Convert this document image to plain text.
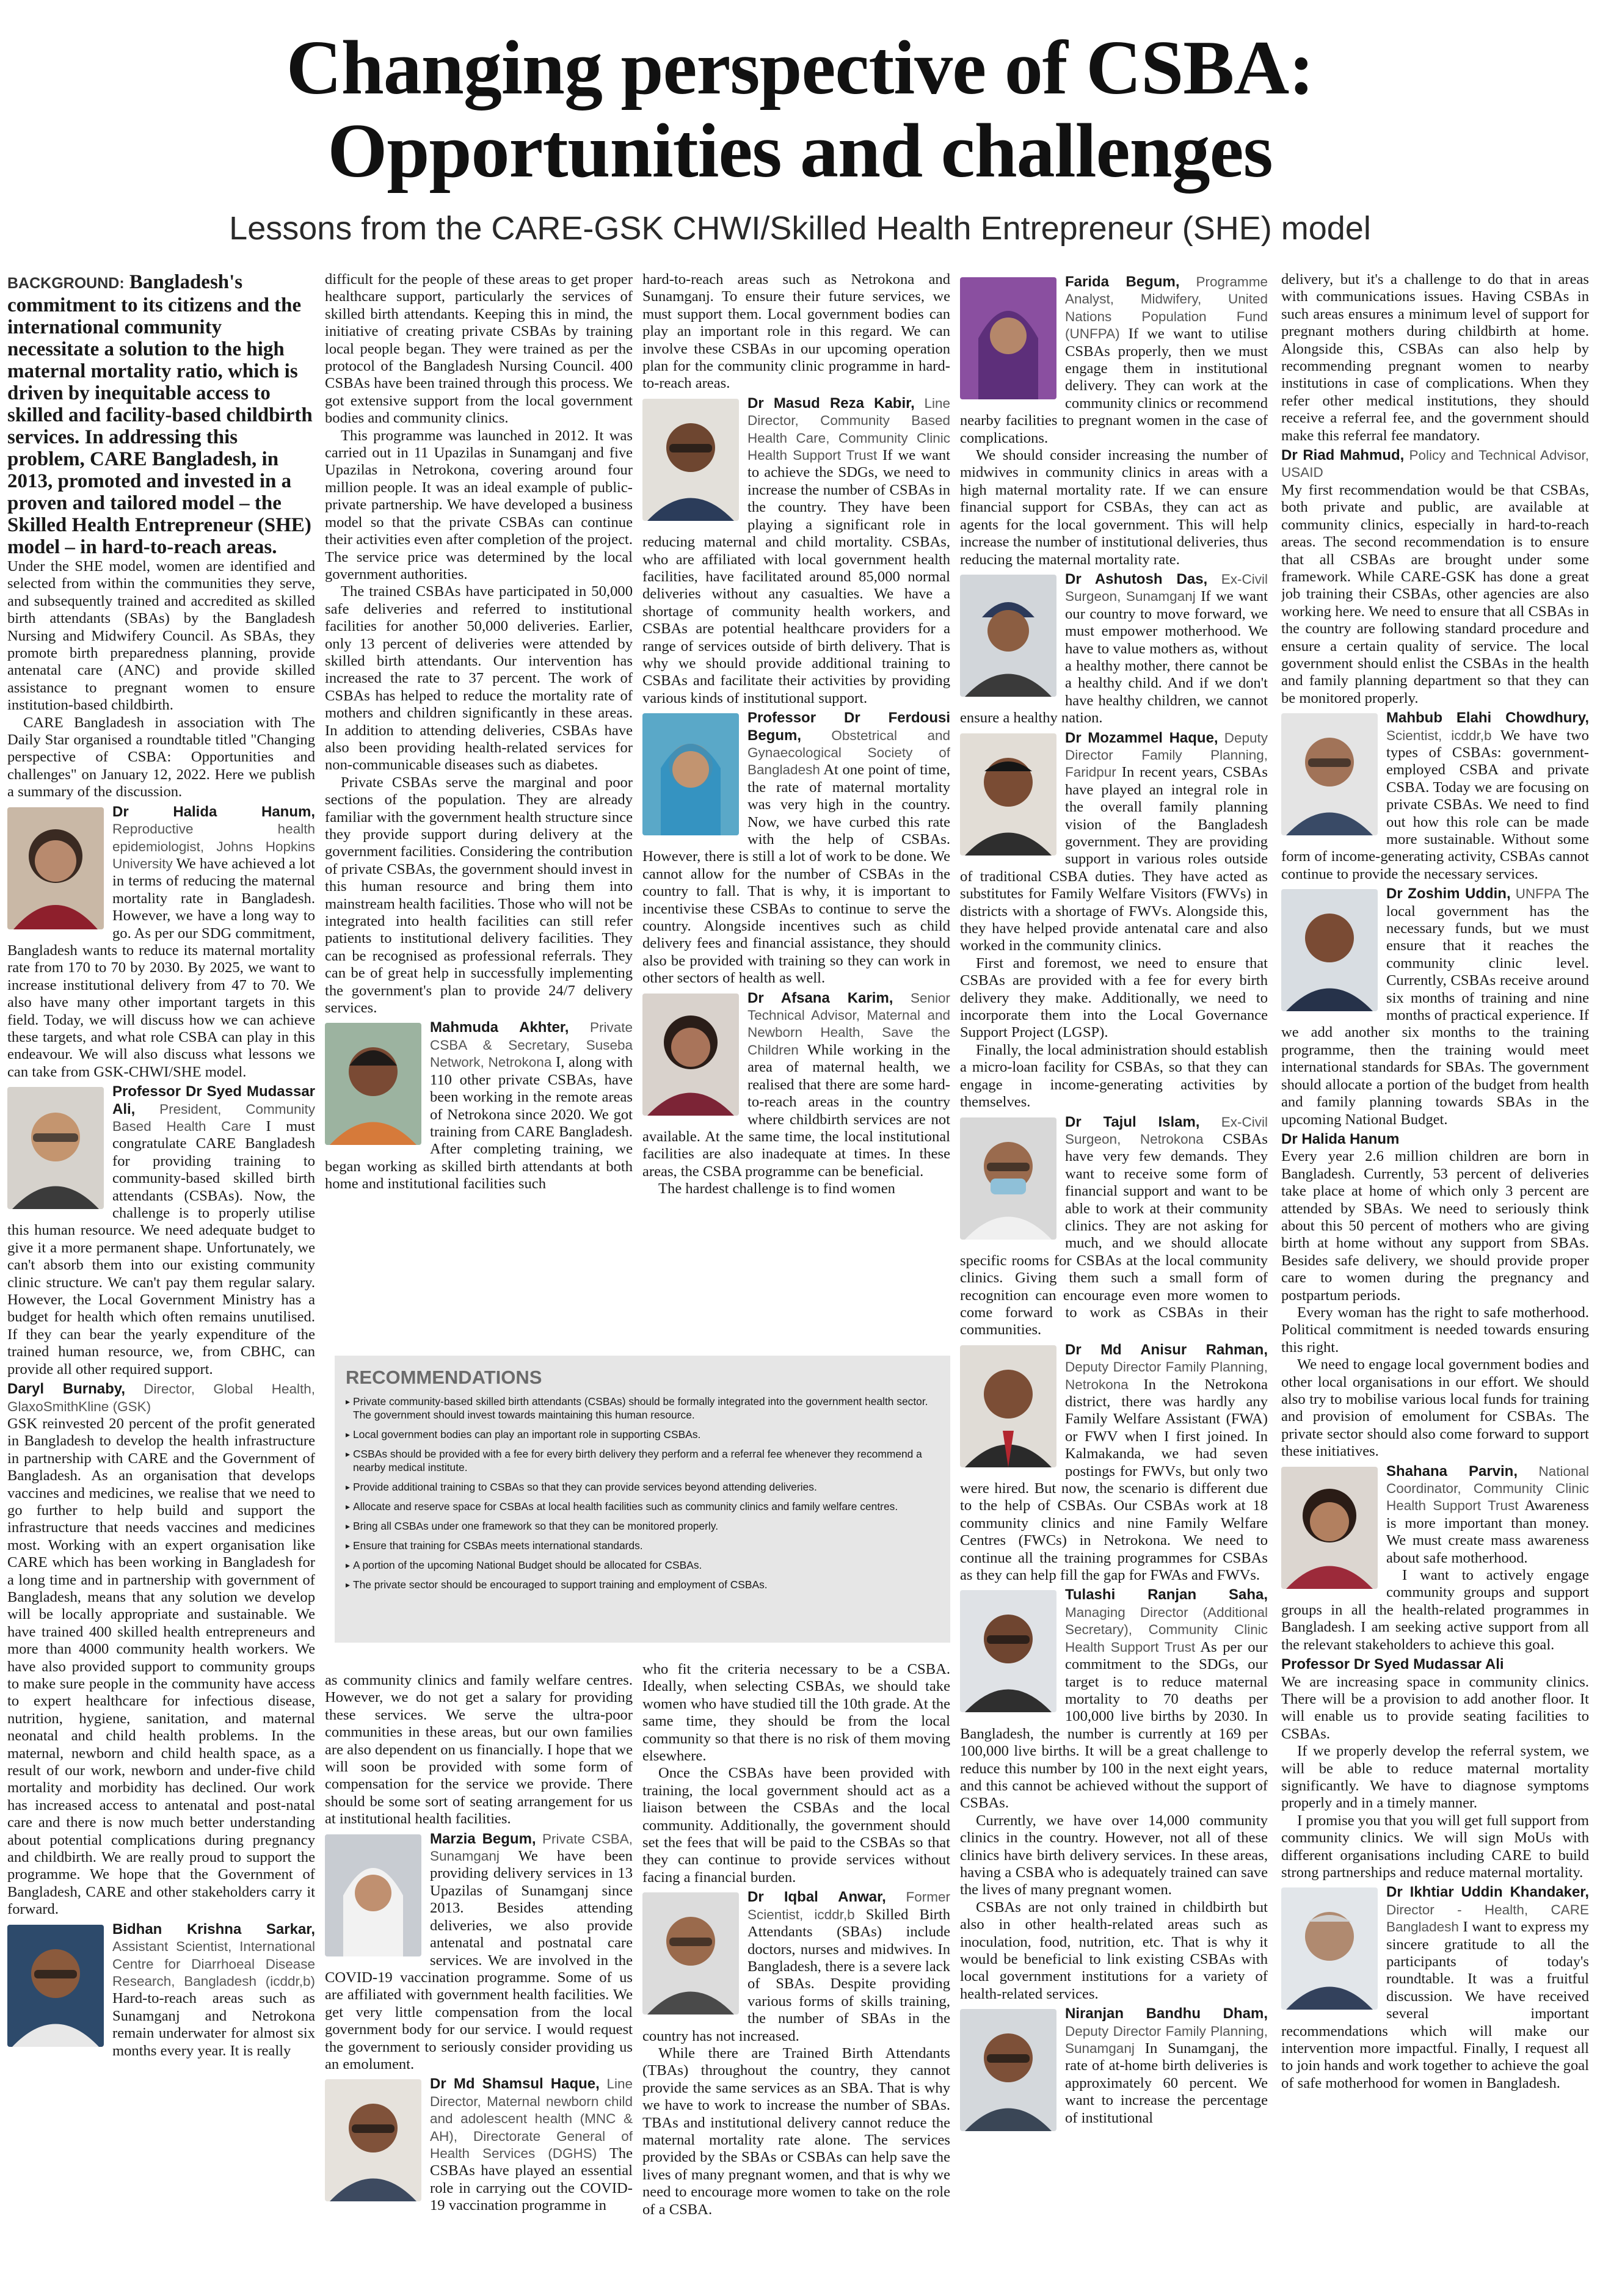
Changing perspective of CSBA:
Opportunities and challenges
Lessons from the CARE-GSK CHWI/Skilled Health Entrepreneur (SHE) model
BACKGROUND: Bangladesh's commitment to its citizens and the international community necessitate a solution to the high maternal mortality ratio, which is driven by inequitable access to skilled and facility-based childbirth services. In addressing this problem, CARE Bangladesh, in 2013, promoted and invested in a proven and tailored model – the Skilled Health Entrepreneur (SHE) model – in hard-to-reach areas.

Under the SHE model, women are identified and selected from within the communities they serve, and subsequently trained and accredited as skilled birth attendants (SBAs) by the Bangladesh Nursing and Midwifery Council. As SBAs, they promote birth preparedness planning, provide antenatal care (ANC) and provide skilled assistance to pregnant women to ensure institution-based childbirth.

CARE Bangladesh in association with The Daily Star organised a roundtable titled "Changing perspective of CSBA: Opportunities and challenges" on January 12, 2022. Here we publish a summary of the discussion.

Dr Halida Hanum, Reproductive health epidemiologist, Johns Hopkins University We have achieved a lot in terms of reducing the maternal mortality rate in Bangladesh. However, we have a long way to go. As per our SDG commitment, Bangladesh wants to reduce its maternal mortality rate from 170 to 70 by 2030. By 2025, we want to increase institutional delivery from 47 to 70. We also have many other important targets in this field. Today, we will discuss how we can achieve these targets, and what role CSBA can play in this endeavour. We will also discuss what lessons we can take from GSK-CHWI/SHE model.
Professor Dr Syed Mudassar Ali, President, Community Based Health Care I must congratulate CARE Bangladesh for providing training to community-based skilled birth attendants (CSBAs). Now, the challenge is to properly utilise this human resource. We need adequate budget to give it a more permanent shape. Unfortunately, we can't absorb them into our existing community clinic structure. We can't pay them regular salary. However, the Local Government Ministry has a budget for health which often remains unutilised. If they can bear the yearly expenditure of the trained human resource, we, from CBHC, can provide all other required support.
Daryl Burnaby, Director, Global Health, GlaxoSmithKline (GSK)
GSK reinvested 20 percent of the profit generated in Bangladesh to develop the health infrastructure in partnership with CARE and the Government of Bangladesh. As an organisation that develops vaccines and medicines, we realise that we need to go further to help build and support the infrastructure that needs vaccines and medicines most. Working with an expert organisation like CARE which has been working in Bangladesh for a long time and in partnership with government of Bangladesh, means that any solution we develop will be locally appropriate and sustainable. We have trained 400 skilled health entrepreneurs and more than 4000 community health workers. We have also provided support to community groups to make sure people in the community have access to expert healthcare for infectious disease, nutrition, hygiene, sanitation, and maternal neonatal and child health problems. In the maternal, newborn and child health space, as a result of our work, newborn and under-five child mortality and morbidity has declined. Our work has increased access to antenatal and post-natal care and there is now much better understanding about potential complications during pregnancy and childbirth. We are really proud to support the programme. We hope that the Government of Bangladesh, CARE and other stakeholders carry it forward.
Bidhan Krishna Sarkar, Assistant Scientist, International Centre for Diarrhoeal Disease Research, Bangladesh (icddr,b) Hard-to-reach areas such as Sunamganj and Netrokona remain underwater for almost six months every year. It is really

difficult for the people of these areas to get proper healthcare support, particularly the services of skilled birth attendants. Keeping this in mind, the initiative of creating private CSBAs by training local people began. They were trained as per the protocol of the Bangladesh Nursing Council. 400 CSBAs have been trained through this process. We got extensive support from the local government bodies and community clinics.

This programme was launched in 2012. It was carried out in 11 Upazilas in Sunamganj and five Upazilas in Netrokona, covering around four million people. It was an ideal example of public-private partnership. We have developed a business model so that the private CSBAs can continue their activities even after completion of the project. The service price was determined by the local government authorities.

The trained CSBAs have participated in 50,000 safe deliveries and referred to institutional facilities for another 50,000 deliveries. Earlier, only 13 percent of deliveries were attended by skilled birth attendants. Our intervention has increased the rate to 37 percent. The work of CSBAs has helped to reduce the mortality rate of mothers and children significantly in these areas. In addition to attending deliveries, CSBAs have also been providing health-related services for non-communicable diseases such as diabetes.

Private CSBAs serve the marginal and poor sections of the population. They are already familiar with the government health structure since they provide support during delivery at the government facilities. Considering the contribution of private CSBAs, the government should invest in this human resource and bring them into mainstream health facilities. Those who will not be integrated into health facilities can still refer patients to institutional delivery facilities. They can be recognised as professional referrals. They can be of great help in successfully implementing the government's plan to provide 24/7 delivery services.

Mahmuda Akhter, Private CSBA & Secretary, Suseba Network, Netrokona I, along with 110 other private CSBAs, have been working in the remote areas of Netrokona since 2020. We got training from CARE Bangladesh. After completing training, we began working as skilled birth attendants at both home and institutional facilities such

hard-to-reach areas such as Netrokona and Sunamganj. To ensure their future services, we must support them. Local government bodies can play an important role in this regard. We can involve these CSBAs in our upcoming operation plan for the community clinic programme in hard-to-reach areas.

Dr Masud Reza Kabir, Line Director, Community Based Health Care, Community Clinic Health Support Trust If we want to achieve the SDGs, we need to increase the number of CSBAs in the country. They have been playing a significant role in reducing maternal and child mortality. CSBAs, who are affiliated with local government health facilities, have facilitated around 85,000 normal deliveries without any casualties. We have a shortage of community health workers, and CSBAs are potential healthcare providers for a range of services outside of birth delivery. That is why we should provide additional training to CSBAs and facilitate their activities by providing various kinds of institutional support.
Professor Dr Ferdousi Begum, Obstetrical and Gynaecological Society of Bangladesh At one point of time, the rate of maternal mortality was very high in the country. Now, we have curbed this rate with the help of CSBAs. However, there is still a lot of work to be done. We cannot allow for the number of CSBAs in the country to fall. That is why, it is important to incentivise these CSBAs to continue to serve the country. Alongside incentives such as child delivery fees and financial assistance, they should also be provided with training so they can work in other sectors of health as well.
Dr Afsana Karim, Senior Technical Advisor, Maternal and Newborn Health, Save the Children While working in the area of maternal health, we realised that there are some hard-to-reach areas in the country where childbirth services are not available. At the same time, the local institutional facilities are also inadequate at times. In these areas, the CSBA programme can be beneficial.

The hardest challenge is to find women

RECOMMENDATIONS
▸ Private community-based skilled birth attendants (CSBAs) should be formally integrated into the government health sector. The government should invest towards maintaining this human resource.
▸ Local government bodies can play an important role in supporting CSBAs.
▸ CSBAs should be provided with a fee for every birth delivery they perform and a referral fee whenever they recommend a nearby medical institute.
▸ Provide additional training to CSBAs so that they can provide services beyond attending deliveries.
▸ Allocate and reserve space for CSBAs at local health facilities such as community clinics and family welfare centres.
▸ Bring all CSBAs under one framework so that they can be monitored properly.
▸ Ensure that training for CSBAs meets international standards.
▸ A portion of the upcoming National Budget should be allocated for CSBAs.
▸ The private sector should be encouraged to support training and employment of CSBAs.

as community clinics and family welfare centres. However, we do not get a salary for providing these services. We serve the ultra-poor communities in these areas, but our own families are also dependent on us financially. I hope that we will soon be provided with some form of compensation for the service we provide. There should be some sort of seating arrangement for us at institutional health facilities.

Marzia Begum, Private CSBA, Sunamganj We have been providing delivery services in 13 Upazilas of Sunamganj since 2013. Besides attending deliveries, we also provide antenatal and postnatal care services. We are involved in the COVID-19 vaccination programme. Some of us are affiliated with government health facilities. We get very little compensation from the local government body for our service. I would request the government to seriously consider providing us an emolument.
Dr Md Shamsul Haque, Line Director, Maternal newborn child and adolescent health (MNC & AH), Directorate General of Health Services (DGHS) The CSBAs have played an essential role in carrying out the COVID-19 vaccination programme in

who fit the criteria necessary to be a CSBA. Ideally, when selecting CSBAs, we should take women who have studied till the 10th grade. At the same time, they should be from the local community so that there is no risk of them moving elsewhere.

Once the CSBAs have been provided with training, the local government should act as a liaison between the CSBAs and the local community. Additionally, the government should set the fees that will be paid to the CSBAs so that they can continue to provide services without facing a financial burden.

Dr Iqbal Anwar, Former Scientist, icddr,b Skilled Birth Attendants (SBAs) include doctors, nurses and midwives. In Bangladesh, there is a severe lack of SBAs. Despite providing various forms of skills training, the number of SBAs in the country has not increased.

While there are Trained Birth Attendants (TBAs) throughout the country, they cannot provide the same services as an SBA. That is why we have to work to increase the number of SBAs. TBAs and institutional delivery cannot reduce the maternal mortality rate alone. The services provided by the SBAs or CSBAs can help save the lives of many pregnant women, and that is why we need to encourage more women to take on the role of a CSBA.

Farida Begum, Programme Analyst, Midwifery, United Nations Population Fund (UNFPA) If we want to utilise CSBAs properly, then we must engage them in institutional delivery. They can work at the community clinics or recommend nearby facilities to pregnant women in the case of complications.

We should consider increasing the number of midwives in community clinics in areas with a high maternal mortality rate. If we can ensure financial support for CSBAs, they can act as agents for the local government. This will help increase the number of institutional deliveries, thus reducing the maternal mortality rate.

Dr Ashutosh Das, Ex-Civil Surgeon, Sunamganj If we want our country to move forward, we must empower motherhood. We have to value mothers as, without a healthy mother, there cannot be a healthy child. And if we don't have healthy children, we cannot ensure a healthy nation.
Dr Mozammel Haque, Deputy Director Family Planning, Faridpur In recent years, CSBAs have played an integral role in the overall family planning vision of the Bangladesh government. They are providing support in various roles outside of traditional CSBA duties. They have acted as substitutes for Family Welfare Visitors (FWVs) in districts with a shortage of FWVs. Alongside this, they have helped provide antenatal care and also worked in the community clinics.

First and foremost, we need to ensure that CSBAs are provided with a fee for every birth delivery they make. Additionally, we need to incorporate them into the Local Governance Support Project (LGSP).

Finally, the local administration should establish a micro-loan facility for CSBAs, so that they can engage in income-generating activities by themselves.

Dr Tajul Islam, Ex-Civil Surgeon, Netrokona CSBAs have very few demands. They want to receive some form of financial support and want to be able to work at their community clinics. They are not asking for much, and we should allocate specific rooms for CSBAs at the local community clinics. Giving them such a small form of recognition can encourage even more women to come forward to work as CSBAs in their communities.
Dr Md Anisur Rahman, Deputy Director Family Planning, Netrokona In the Netrokona district, there was hardly any Family Welfare Assistant (FWA) or FWV when I first joined. In Kalmakanda, we had seven postings for FWVs, but only two were hired. But now, the scenario is different due to the help of CSBAs. Our CSBAs work at 18 community clinics and nine Family Welfare Centres (FWCs) in Netrokona. We need to continue all the training programmes for CSBAs as they can help fill the gap for FWAs and FWVs.
Tulashi Ranjan Saha, Managing Director (Additional Secretary), Community Clinic Health Support Trust As per our commitment to the SDGs, our target is to reduce maternal mortality to 70 deaths per 100,000 live births by 2030. In Bangladesh, the number is currently at 169 per 100,000 live births. It will be a great challenge to reduce this number by 100 in the next eight years, and this cannot be achieved without the support of CSBAs.

Currently, we have over 14,000 community clinics in the country. However, not all of these clinics have birth delivery services. In these areas, having a CSBA who is adequately trained can save the lives of many pregnant women.

CSBAs are not only trained in childbirth but also in other health-related areas such as inoculation, food, nutrition, etc. That is why it would be beneficial to link existing CSBAs with local government institutions for a variety of health-related services.

Niranjan Bandhu Dham, Deputy Director Family Planning, Sunamganj In Sunamganj, the rate of at-home birth deliveries is approximately 60 percent. We want to increase the percentage of institutional

delivery, but it's a challenge to do that in areas with communications issues. Having CSBAs in such areas ensures a minimum level of support for pregnant mothers during childbirth at home. Alongside this, CSBAs can also help by recommending pregnant women to nearby institutions in case of complications. When they refer other medical institutions, they should receive a referral fee, and the government should make this referral fee mandatory.

Dr Riad Mahmud, Policy and Technical Advisor, USAID
My first recommendation would be that CSBAs, both private and public, are available at community clinics, especially in hard-to-reach areas. The second recommendation is to ensure that all CSBAs are brought under some framework. While CARE-GSK has done a great job training their CSBAs, other agencies are also working here. We need to ensure that all CSBAs in the country are following standard procedure and ensure a certain quality of service. The local government should enlist the CSBAs in the health and family planning department so that they can be monitored properly.
Mahbub Elahi Chowdhury, Scientist, icddr,b We have two types of CSBAs: government-employed CSBA and private CSBA. Today we are focusing on private CSBAs. We need to find out how this role can be made more sustainable. Without some form of income-generating activity, CSBAs cannot continue to provide the necessary services.
Dr Zoshim Uddin, UNFPA The local government has the necessary funds, but we must ensure that it reaches the community clinic level. Currently, CSBAs receive around six months of training and nine months of practical experience. If we add another six months to the training programme, then the training would meet international standards for SBAs. The government should allocate a portion of the budget from health and family planning towards SBAs in the upcoming National Budget.
Dr Halida Hanum
Every year 2.6 million children are born in Bangladesh. Currently, 53 percent of deliveries take place at home of which only 3 percent are attended by SBAs. We need to seriously think about this 50 percent of mothers who are giving birth at home without any support from SBAs. Besides safe delivery, we should provide proper care to women during the pregnancy and postpartum periods.

Every woman has the right to safe motherhood. Political commitment is needed towards ensuring this right.

We need to engage local government bodies and other local organisations in our effort. We should also try to mobilise various local funds for training and provision of emolument for CSBAs. The private sector should also come forward to support these initiatives.

Shahana Parvin, National Coordinator, Community Clinic Health Support Trust Awareness is more important than money. We must create mass awareness about safe motherhood.

I want to actively engage community groups and support groups in all the health-related programmes in Bangladesh. I am seeking active support from all the relevant stakeholders to achieve this goal.

Professor Dr Syed Mudassar Ali
We are increasing space in community clinics. There will be a provision to add another floor. It will enable us to provide seating facilities to CSBAs.

If we properly develop the referral system, we will be able to reduce maternal mortality significantly. We have to diagnose symptoms properly and in a timely manner.

I promise you that you will get full support from community clinics. We will sign MoUs with different organisations including CARE to build strong partnerships and reduce maternal mortality.

Dr Ikhtiar Uddin Khandaker, Director - Health, CARE Bangladesh I want to express my sincere gratitude to all the participants of today's roundtable. It was a fruitful discussion. We have received several important recommendations which will make our intervention more impactful. Finally, I request all to join hands and work together to achieve the goal of safe motherhood for women in Bangladesh.
